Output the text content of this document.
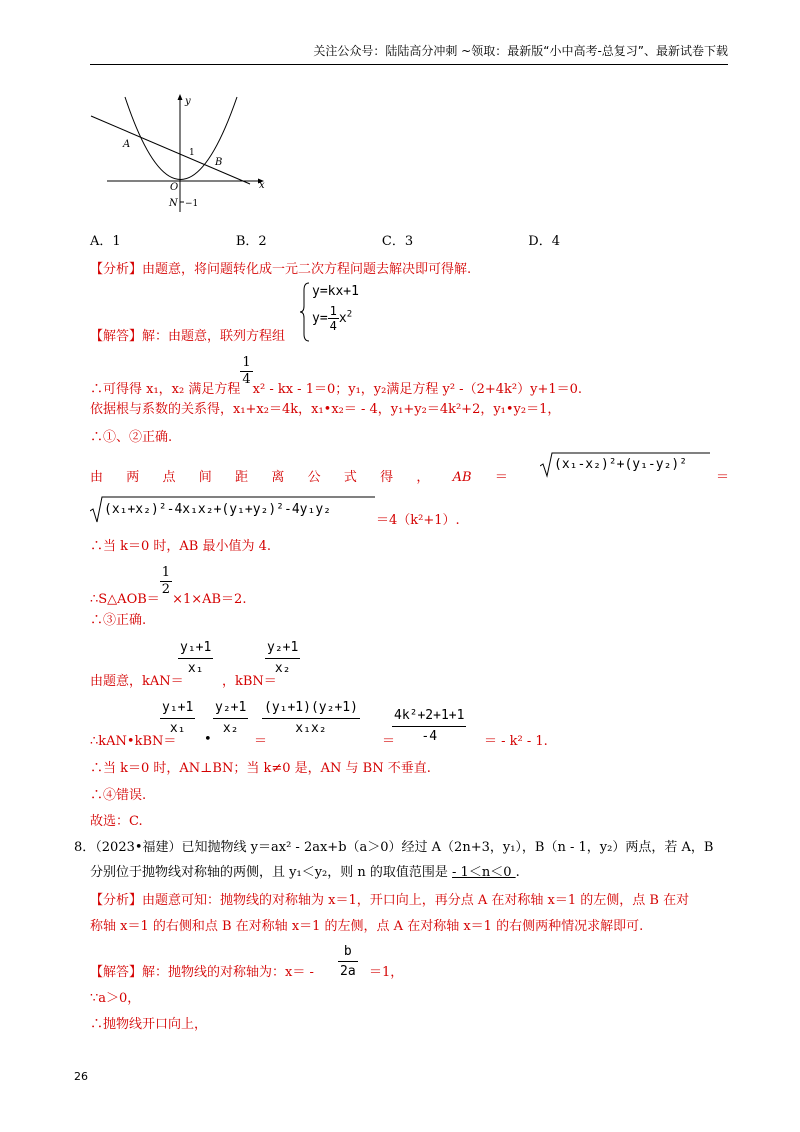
关注公众号：陆陆高分冲刺 ~领取：最新版“小中高考-总复习”、最新试卷下载
y
x
A
B
O
N
1
−1
A．1	B．2	C．3	D．4
【分析】由题意，将问题转化成一元二次方程问题去解决即可得解.
y=kx+1
$y= \frac{1}{4} x^2$
【解答】解：由题意，联列方程组
∴可得得 x₁，x₂ 满足方程
$\frac{1}{4}$
x² - kx - 1＝0；y₁，y₂满足方程 y² -（2+4k²）y+1＝0.
依据根与系数的关系得，x₁+x₂＝4k，x₁•x₂＝ - 4，y₁+y₂＝4k²+2，y₁•y₂＝1，
∴①、②正确.
由 两 点 间 距 离 公 式 得 ， AB ＝
(x₁-x₂)²+(y₁-y₂)²
＝
(x₁+x₂)²-4x₁x₂+(y₁+y₂)²-4y₁y₂
＝4（k²+1）.
∴当 k＝0 时，AB 最小值为 4.
∴S△AOB＝
$\frac{1}{2}$
×1×AB＝2.
∴③正确.
由题意，kAN＝
$\frac{\text{y₁+1}}{\text{x₁}}$
，kBN＝
$\frac{\text{y₂+1}}{\text{x₂}}$
∴kAN•kBN＝
$\frac{\text{y₁+1}}{\text{x₁}}$
•
$\frac{\text{y₂+1}}{\text{x₂}}$
＝
$\frac{\text{(y₁+1)(y₂+1)}}{\text{x₁x₂}}$
＝
$\frac{\text{4k²+2+1+1}}{-4}$ ＝ - k² - 1.
∴当 k＝0 时，AN⊥BN；当 k≠0 是，AN 与 BN 不垂直.
∴④错误.
故选：C.
8．（2023•福建）已知抛物线 y＝ax² - 2ax+b（a＞0）经过 A（2n+3，y₁），B（n - 1，y₂）两点，若 A，B
分别位于抛物线对称轴的两侧，且 y₁＜y₂，则 n 的取值范围是 - 1＜n＜0 .
【分析】由题意可知：抛物线的对称轴为 x＝1，开口向上，再分点 A 在对称轴 x＝1 的左侧，点 B 在对
称轴 x＝1 的右侧和点 B 在对称轴 x＝1 的左侧，点 A 在对称轴 x＝1 的右侧两种情况求解即可.
【解答】解：抛物线的对称轴为：$x= - \frac{b}{2a} =1$，
∵a＞0，
∴抛物线开口向上，
26
